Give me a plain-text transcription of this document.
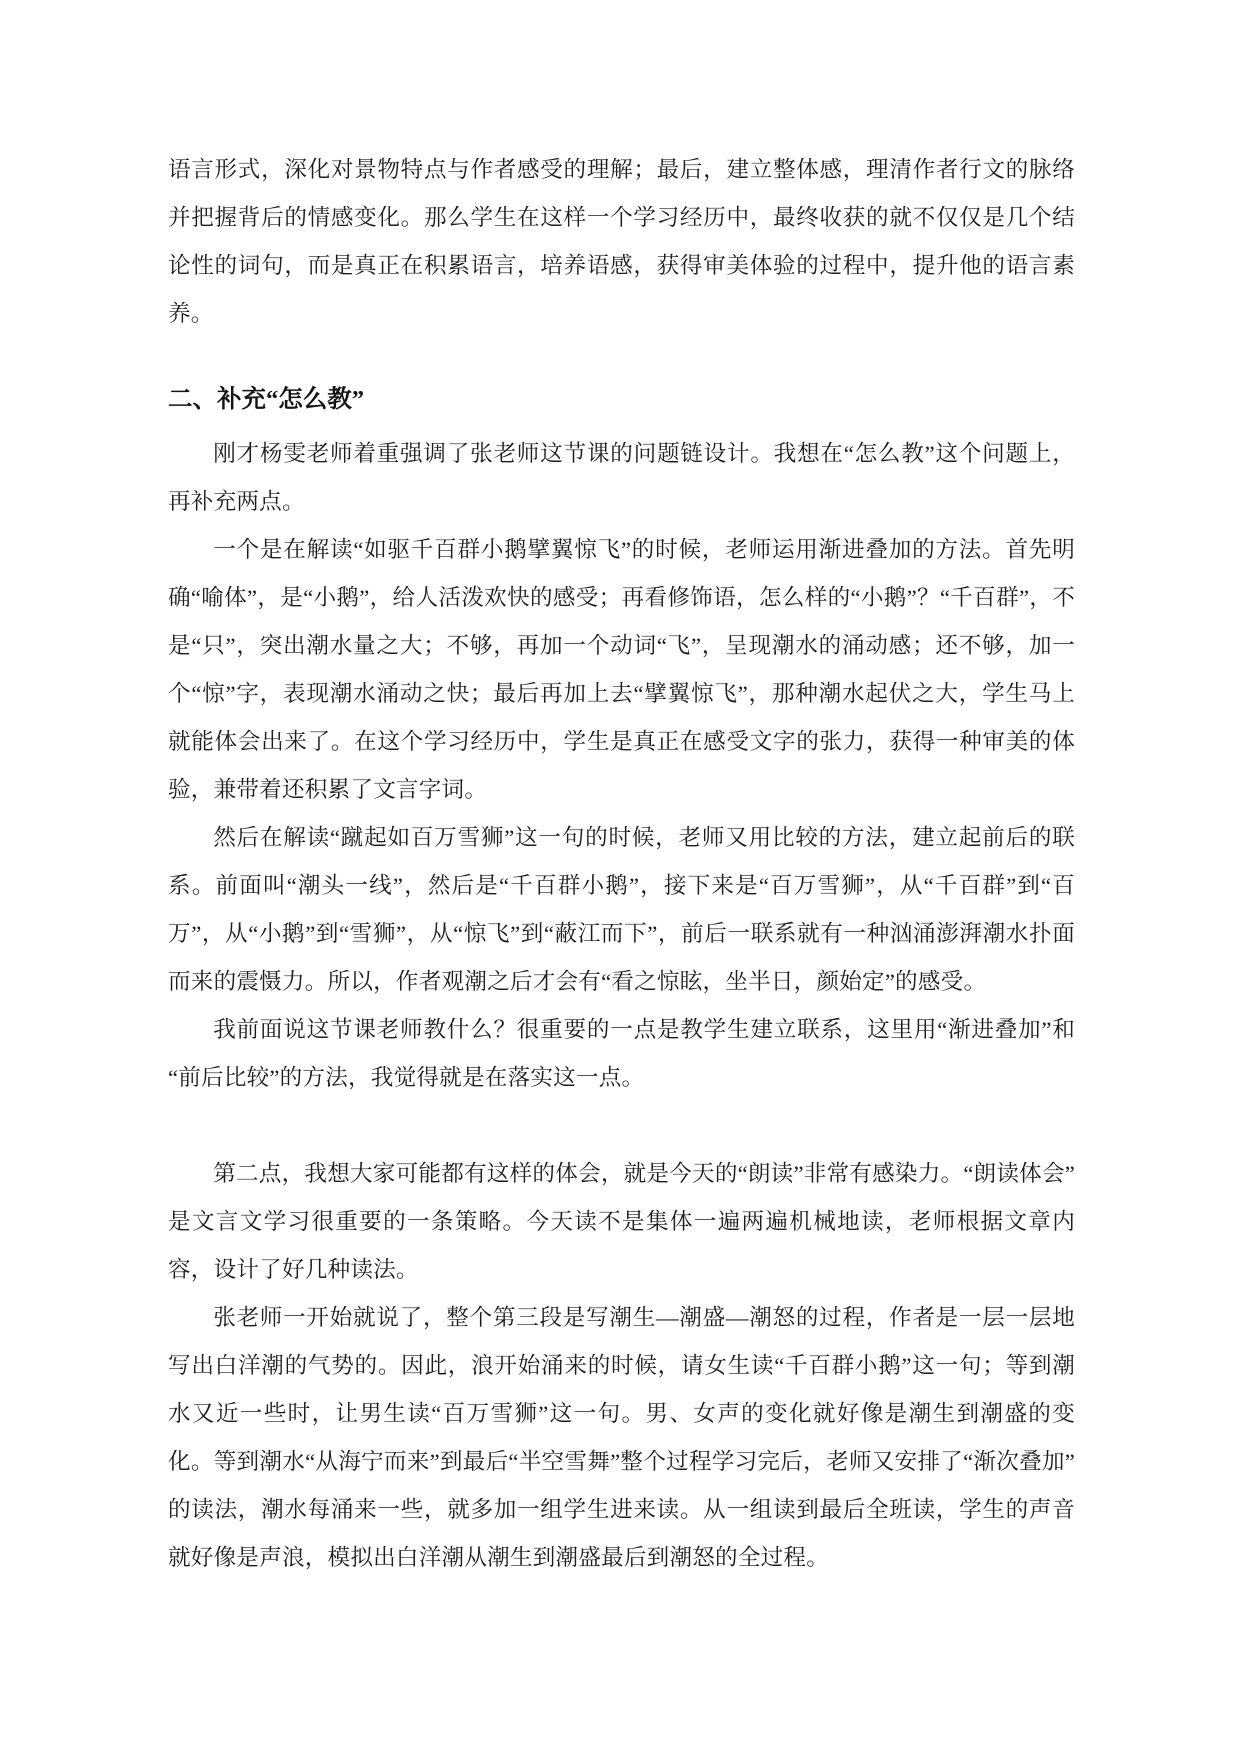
语言形式，深化对景物特点与作者感受的理解；最后，建立整体感，理清作者行文的脉络并把握背后的情感变化。那么学生在这样一个学习经历中，最终收获的就不仅仅是几个结论性的词句，而是真正在积累语言，培养语感，获得审美体验的过程中，提升他的语言素养。

二、补充“怎么教”

刚才杨雯老师着重强调了张老师这节课的问题链设计。我想在“怎么教”这个问题上，再补充两点。

一个是在解读“如驱千百群小鹅擘翼惊飞”的时候，老师运用渐进叠加的方法。首先明确“喻体”，是“小鹅”，给人活泼欢快的感受；再看修饰语，怎么样的“小鹅”？“千百群”，不是“只”，突出潮水量之大；不够，再加一个动词“飞”，呈现潮水的涌动感；还不够，加一个“惊”字，表现潮水涌动之快；最后再加上去“擘翼惊飞”，那种潮水起伏之大，学生马上就能体会出来了。在这个学习经历中，学生是真正在感受文字的张力，获得一种审美的体验，兼带着还积累了文言字词。

然后在解读“蹴起如百万雪狮”这一句的时候，老师又用比较的方法，建立起前后的联系。前面叫“潮头一线”，然后是“千百群小鹅”，接下来是“百万雪狮”，从“千百群”到“百万”，从“小鹅”到“雪狮”，从“惊飞”到“蔽江而下”，前后一联系就有一种汹涌澎湃潮水扑面而来的震慑力。所以，作者观潮之后才会有“看之惊眩，坐半日，颜始定”的感受。

我前面说这节课老师教什么？很重要的一点是教学生建立联系，这里用“渐进叠加”和“前后比较”的方法，我觉得就是在落实这一点。

第二点，我想大家可能都有这样的体会，就是今天的“朗读”非常有感染力。“朗读体会”是文言文学习很重要的一条策略。今天读不是集体一遍两遍机械地读，老师根据文章内容，设计了好几种读法。

张老师一开始就说了，整个第三段是写潮生—潮盛—潮怒的过程，作者是一层一层地写出白洋潮的气势的。因此，浪开始涌来的时候，请女生读“千百群小鹅”这一句；等到潮水又近一些时，让男生读“百万雪狮”这一句。男、女声的变化就好像是潮生到潮盛的变化。等到潮水“从海宁而来”到最后“半空雪舞”整个过程学习完后，老师又安排了“渐次叠加”的读法，潮水每涌来一些，就多加一组学生进来读。从一组读到最后全班读，学生的声音就好像是声浪，模拟出白洋潮从潮生到潮盛最后到潮怒的全过程。
